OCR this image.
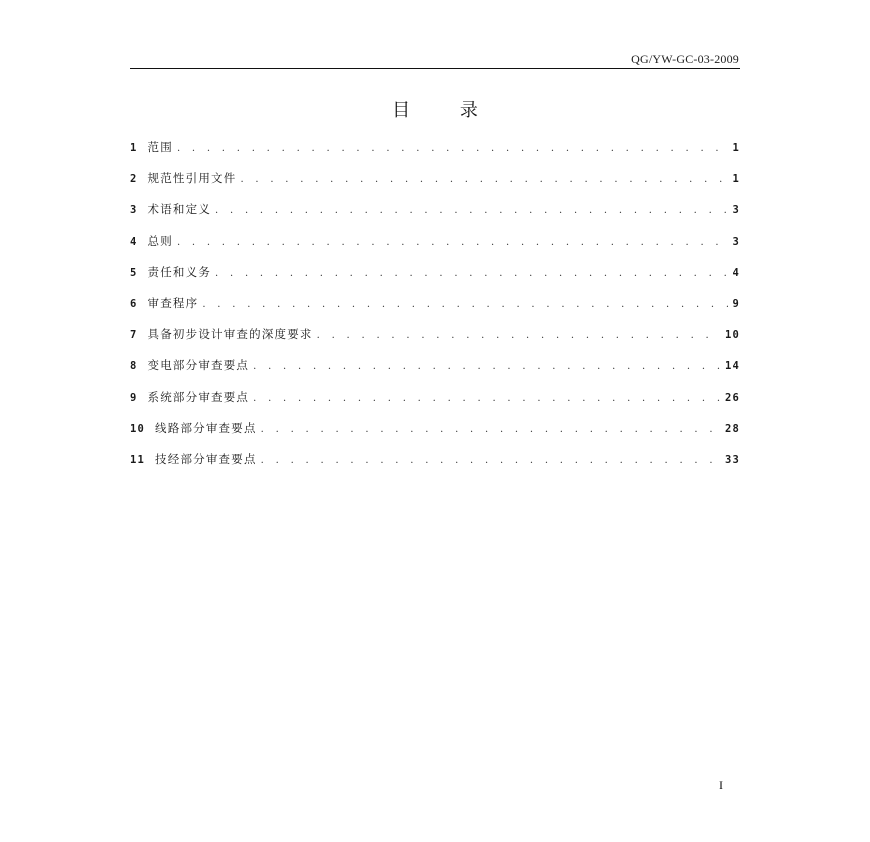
QG/YW-GC-03-2009
目 录
1 范围 . . .	1
2 规范性引用文件 . . .	1
3 术语和定义 . . .	3
4 总则 . . .	3
5 责任和义务 . . .	4
6 审查程序 . . .	9
7 具备初步设计审查的深度要求 . . .	10
8 变电部分审查要点 . . .	14
9 系统部分审查要点 . . .	26
10 线路部分审查要点 . . .	28
11 技经部分审查要点 . . .	33
I
